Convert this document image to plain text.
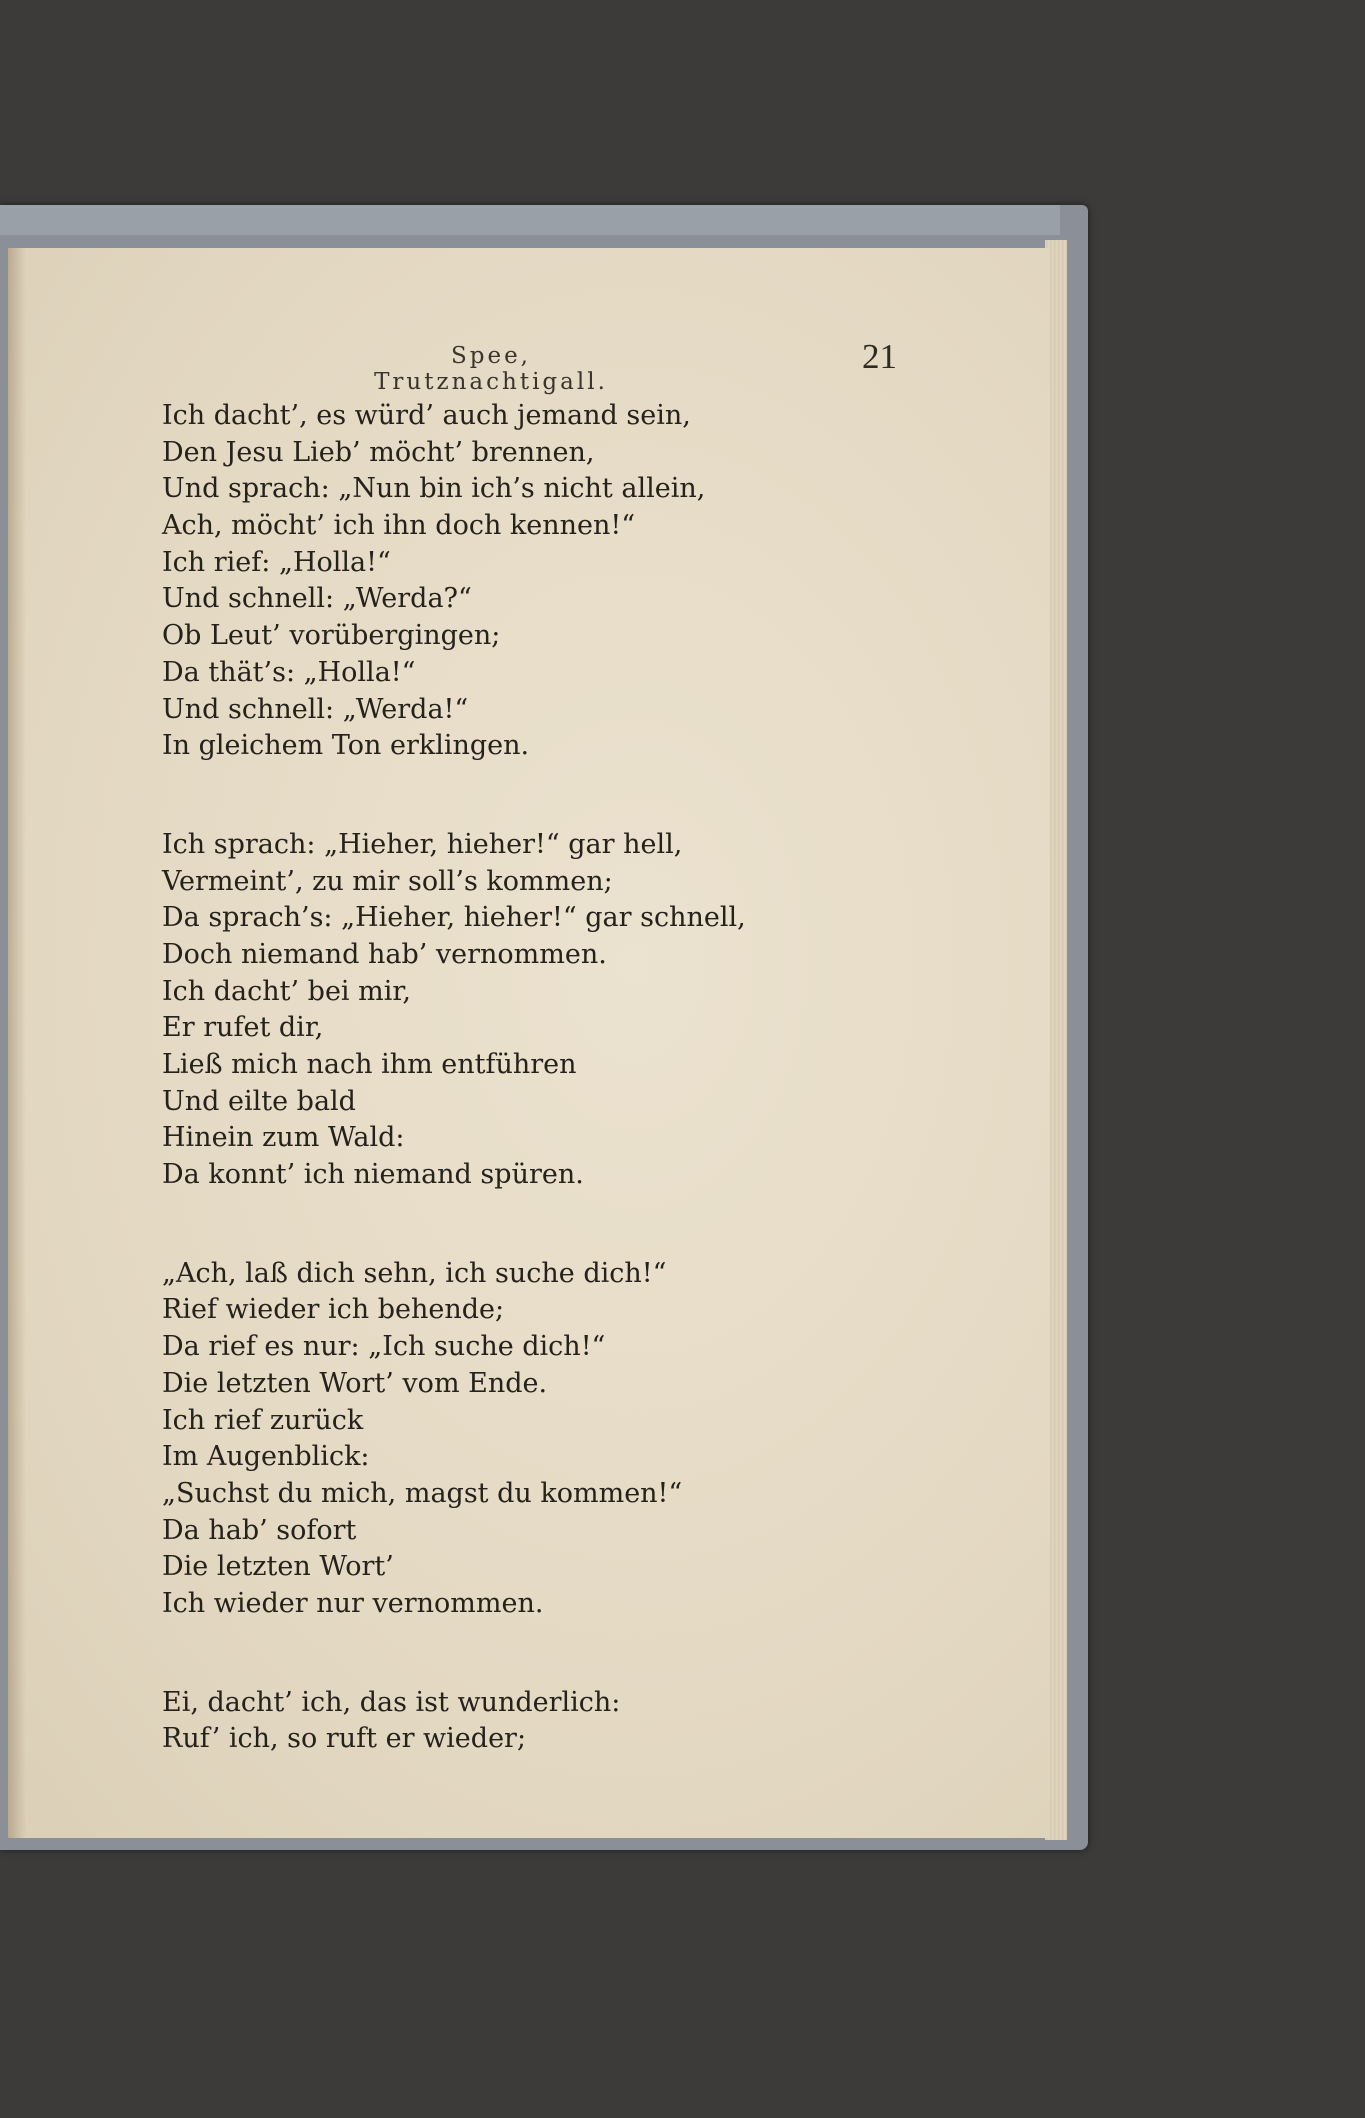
Spee, Trutznachtigall.
21
Ich dacht’, es würd’ auch jemand sein,
Den Jesu Lieb’ möcht’ brennen,
Und sprach: „Nun bin ich’s nicht allein,
Ach, möcht’ ich ihn doch kennen!“
Ich rief: „Holla!“
Und schnell: „Werda?“
Ob Leut’ vorübergingen;
Da thät’s: „Holla!“
Und schnell: „Werda!“
In gleichem Ton erklingen.
Ich sprach: „Hieher, hieher!“ gar hell,
Vermeint’, zu mir soll’s kommen;
Da sprach’s: „Hieher, hieher!“ gar schnell,
Doch niemand hab’ vernommen.
Ich dacht’ bei mir,
Er rufet dir,
Ließ mich nach ihm entführen
Und eilte bald
Hinein zum Wald:
Da konnt’ ich niemand spüren.
„Ach, laß dich sehn, ich suche dich!“
Rief wieder ich behende;
Da rief es nur: „Ich suche dich!“
Die letzten Wort’ vom Ende.
Ich rief zurück
Im Augenblick:
„Suchst du mich, magst du kommen!“
Da hab’ sofort
Die letzten Wort’
Ich wieder nur vernommen.
Ei, dacht’ ich, das ist wunderlich:
Ruf’ ich, so ruft er wieder;
